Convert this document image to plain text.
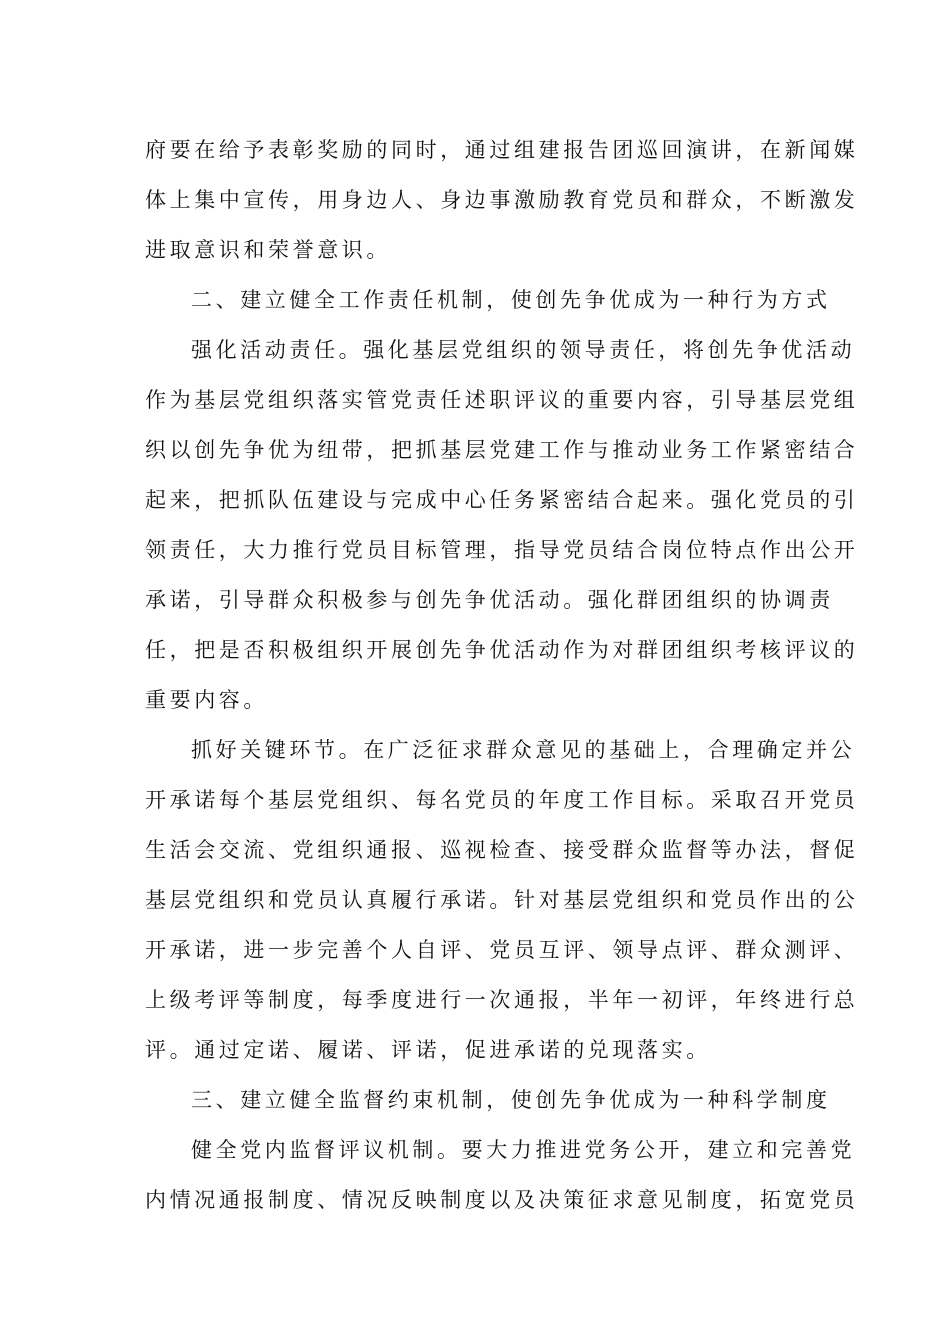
府要在给予表彰奖励的同时，通过组建报告团巡回演讲，在新闻媒
体上集中宣传，用身边人、身边事激励教育党员和群众，不断激发
进取意识和荣誉意识。
二、建立健全工作责任机制，使创先争优成为一种行为方式
强化活动责任。强化基层党组织的领导责任，将创先争优活动
作为基层党组织落实管党责任述职评议的重要内容，引导基层党组
织以创先争优为纽带，把抓基层党建工作与推动业务工作紧密结合
起来，把抓队伍建设与完成中心任务紧密结合起来。强化党员的引
领责任，大力推行党员目标管理，指导党员结合岗位特点作出公开
承诺，引导群众积极参与创先争优活动。强化群团组织的协调责
任，把是否积极组织开展创先争优活动作为对群团组织考核评议的
重要内容。
抓好关键环节。在广泛征求群众意见的基础上，合理确定并公
开承诺每个基层党组织、每名党员的年度工作目标。采取召开党员
生活会交流、党组织通报、巡视检查、接受群众监督等办法，督促
基层党组织和党员认真履行承诺。针对基层党组织和党员作出的公
开承诺，进一步完善个人自评、党员互评、领导点评、群众测评、
上级考评等制度，每季度进行一次通报，半年一初评，年终进行总
评。通过定诺、履诺、评诺，促进承诺的兑现落实。
三、建立健全监督约束机制，使创先争优成为一种科学制度
健全党内监督评议机制。要大力推进党务公开，建立和完善党
内情况通报制度、情况反映制度以及决策征求意见制度，拓宽党员
